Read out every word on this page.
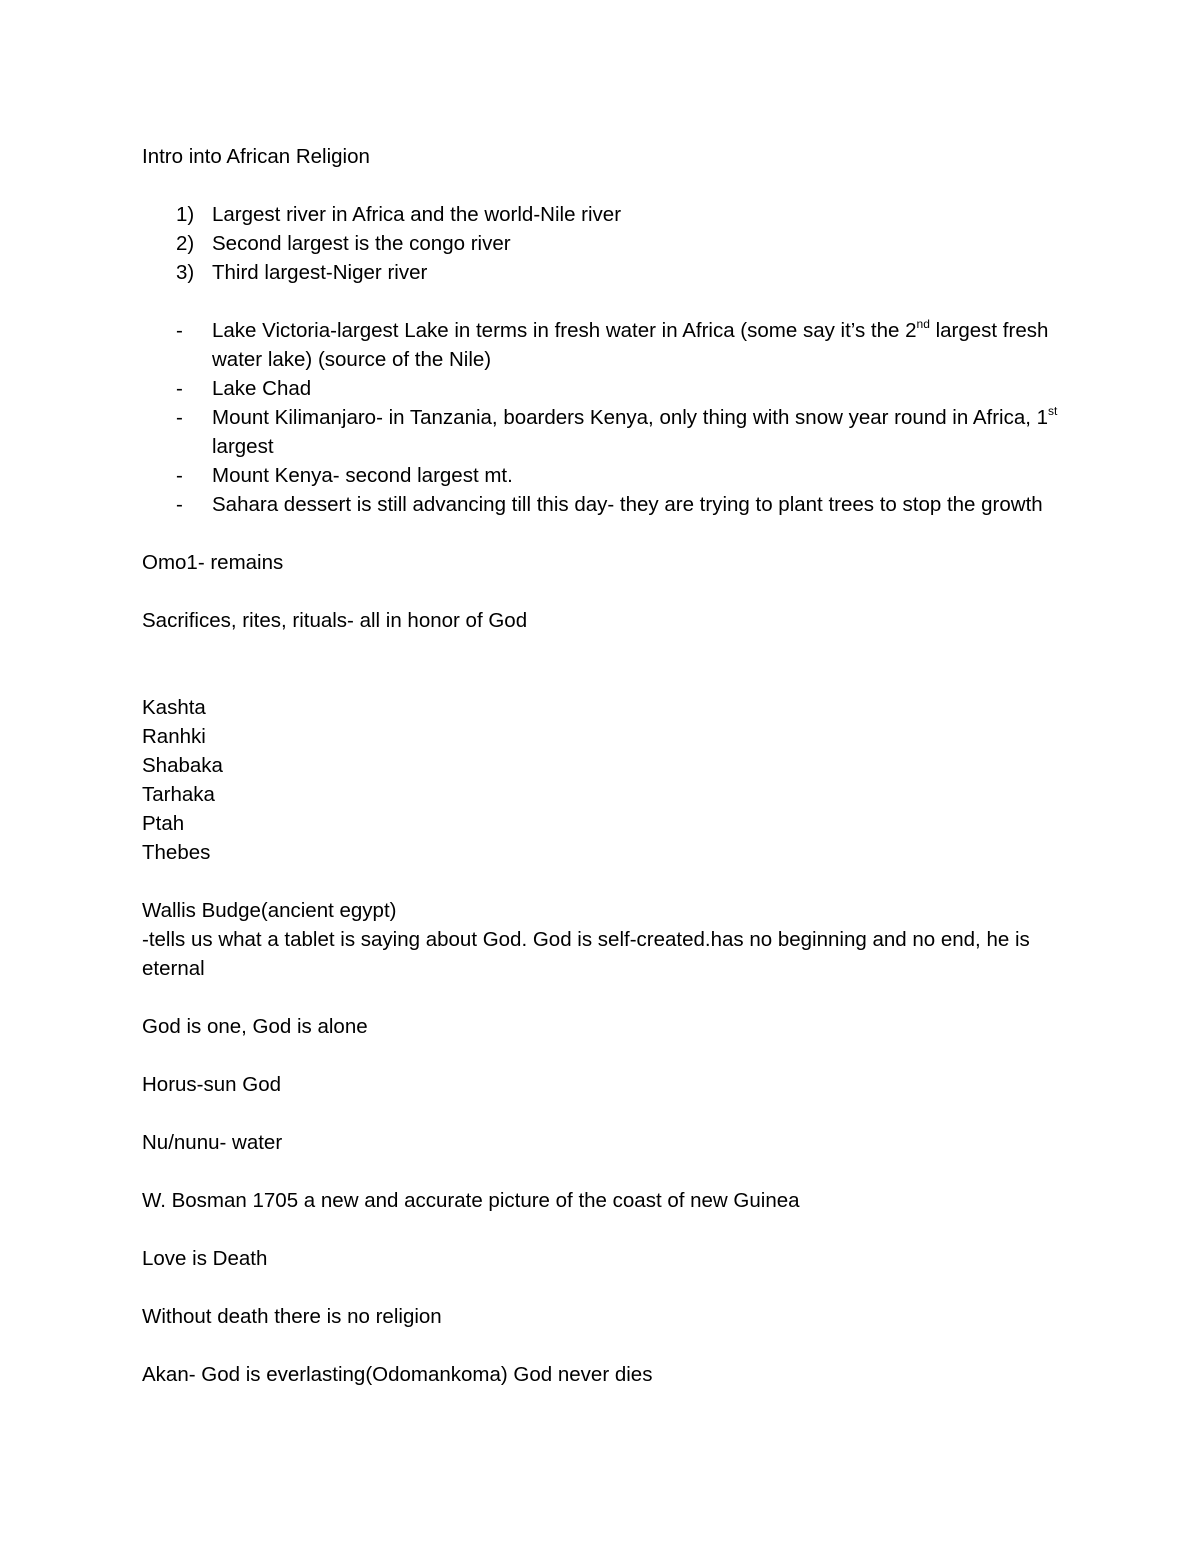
Intro into African Religion

1) Largest river in Africa and the world-Nile river

2) Second largest is the congo river

3) Third largest-Niger river

-	Lake Victoria-largest Lake in terms in fresh water in Africa (some say it’s the 2nd largest fresh water lake) (source of the Nile)

-	Lake Chad

-	Mount Kilimanjaro- in Tanzania, boarders Kenya, only thing with snow year round in Africa, 1st largest

-	Mount Kenya- second largest mt.

-	Sahara dessert is still advancing till this day- they are trying to plant trees to stop the growth

Omo1- remains

Sacrifices, rites, rituals- all in honor of God

Kashta

Ranhki

Shabaka

Tarhaka

Ptah

Thebes

Wallis Budge(ancient egypt)

-tells us what a tablet is saying about God. God is self-created.has no beginning and no end, he is eternal

God is one, God is alone

Horus-sun God

Nu/nunu- water

W. Bosman 1705 a new and accurate picture of the coast of new Guinea

Love is Death

Without death there is no religion

Akan- God is everlasting(Odomankoma) God never dies
